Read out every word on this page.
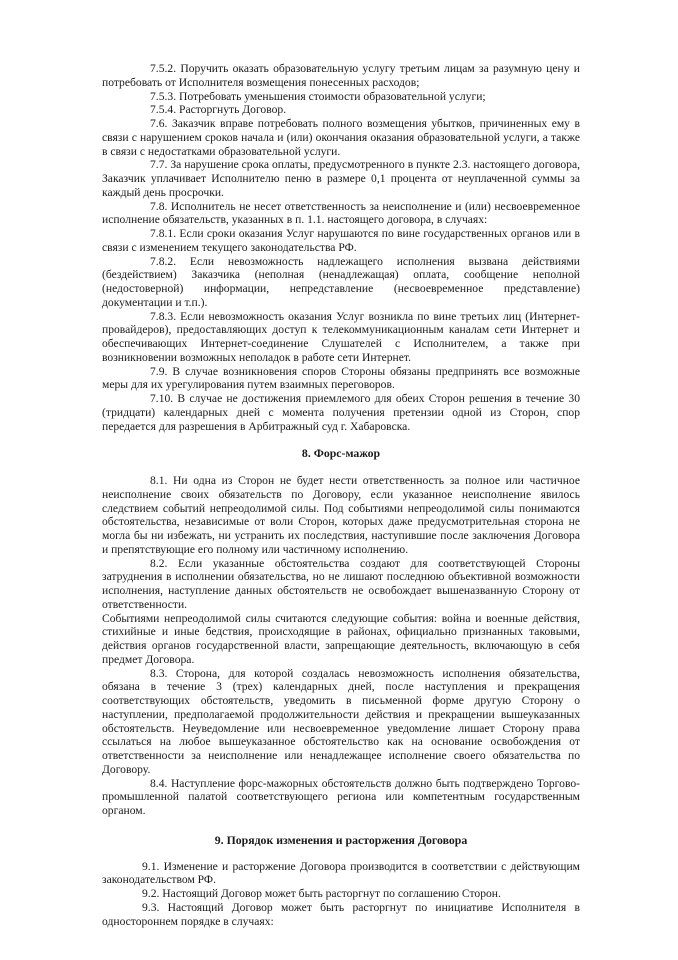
7.5.2. Поручить оказать образовательную услугу третьим лицам за разумную цену и потребовать от Исполнителя возмещения понесенных расходов;

7.5.3. Потребовать уменьшения стоимости образовательной услуги;

7.5.4. Расторгнуть Договор.

7.6. Заказчик вправе потребовать полного возмещения убытков, причиненных ему в связи с нарушением сроков начала и (или) окончания оказания образовательной услуги, а также в связи с недостатками образовательной услуги.

7.7. За нарушение срока оплаты, предусмотренного в пункте 2.3. настоящего договора, Заказчик уплачивает Исполнителю пеню в размере 0,1 процента от неуплаченной суммы за каждый день просрочки.

7.8. Исполнитель не несет ответственность за неисполнение и (или) несвоевременное исполнение обязательств, указанных в п. 1.1. настоящего договора, в случаях:

7.8.1. Если сроки оказания Услуг нарушаются по вине государственных органов или в связи с изменением текущего законодательства РФ.

7.8.2. Если невозможность надлежащего исполнения вызвана действиями (бездействием) Заказчика (неполная (ненадлежащая) оплата, сообщение неполной (недостоверной) информации, непредставление (несвоевременное представление) документации и т.п.).

7.8.3. Если невозможность оказания Услуг возникла по вине третьих лиц (Интернет-провайдеров), предоставляющих доступ к телекоммуникационным каналам сети Интернет и обеспечивающих Интернет-соединение Слушателей с Исполнителем, а также при возникновении возможных неполадок в работе сети Интернет.

7.9. В случае возникновения споров Стороны обязаны предпринять все возможные меры для их урегулирования путем взаимных переговоров.

7.10. В случае не достижения приемлемого для обеих Сторон решения в течение 30 (тридцати) календарных дней с момента получения претензии одной из Сторон, спор передается для разрешения в Арбитражный суд г. Хабаровска.

8. Форс-мажор

8.1. Ни одна из Сторон не будет нести ответственность за полное или частичное неисполнение своих обязательств по Договору, если указанное неисполнение явилось следствием событий непреодолимой силы. Под событиями непреодолимой силы понимаются обстоятельства, независимые от воли Сторон, которых даже предусмотрительная сторона не могла бы ни избежать, ни устранить их последствия, наступившие после заключения Договора и препятствующие его полному или частичному исполнению.

8.2. Если указанные обстоятельства создают для соответствующей Стороны затруднения в исполнении обязательства, но не лишают последнюю объективной возможности исполнения, наступление данных обстоятельств не освобождает вышеназванную Сторону от ответственности.

Событиями непреодолимой силы считаются следующие события: война и военные действия, стихийные и иные бедствия, происходящие в районах, официально признанных таковыми, действия органов государственной власти, запрещающие деятельность, включающую в себя предмет Договора.

8.3. Сторона, для которой создалась невозможность исполнения обязательства, обязана в течение 3 (трех) календарных дней, после наступления и прекращения соответствующих обстоятельств, уведомить в письменной форме другую Сторону о наступлении, предполагаемой продолжительности действия и прекращении вышеуказанных обстоятельств. Неуведомление или несвоевременное уведомление лишает Сторону права ссылаться на любое вышеуказанное обстоятельство как на основание освобождения от ответственности за неисполнение или ненадлежащее исполнение своего обязательства по Договору.

8.4. Наступление форс-мажорных обстоятельств должно быть подтверждено Торгово-промышленной палатой соответствующего региона или компетентным государственным органом.

9. Порядок изменения и расторжения Договора

9.1. Изменение и расторжение Договора производится в соответствии с действующим законодательством РФ.

9.2. Настоящий Договор может быть расторгнут по соглашению Сторон.

9.3. Настоящий Договор может быть расторгнут по инициативе Исполнителя в одностороннем порядке в случаях:
